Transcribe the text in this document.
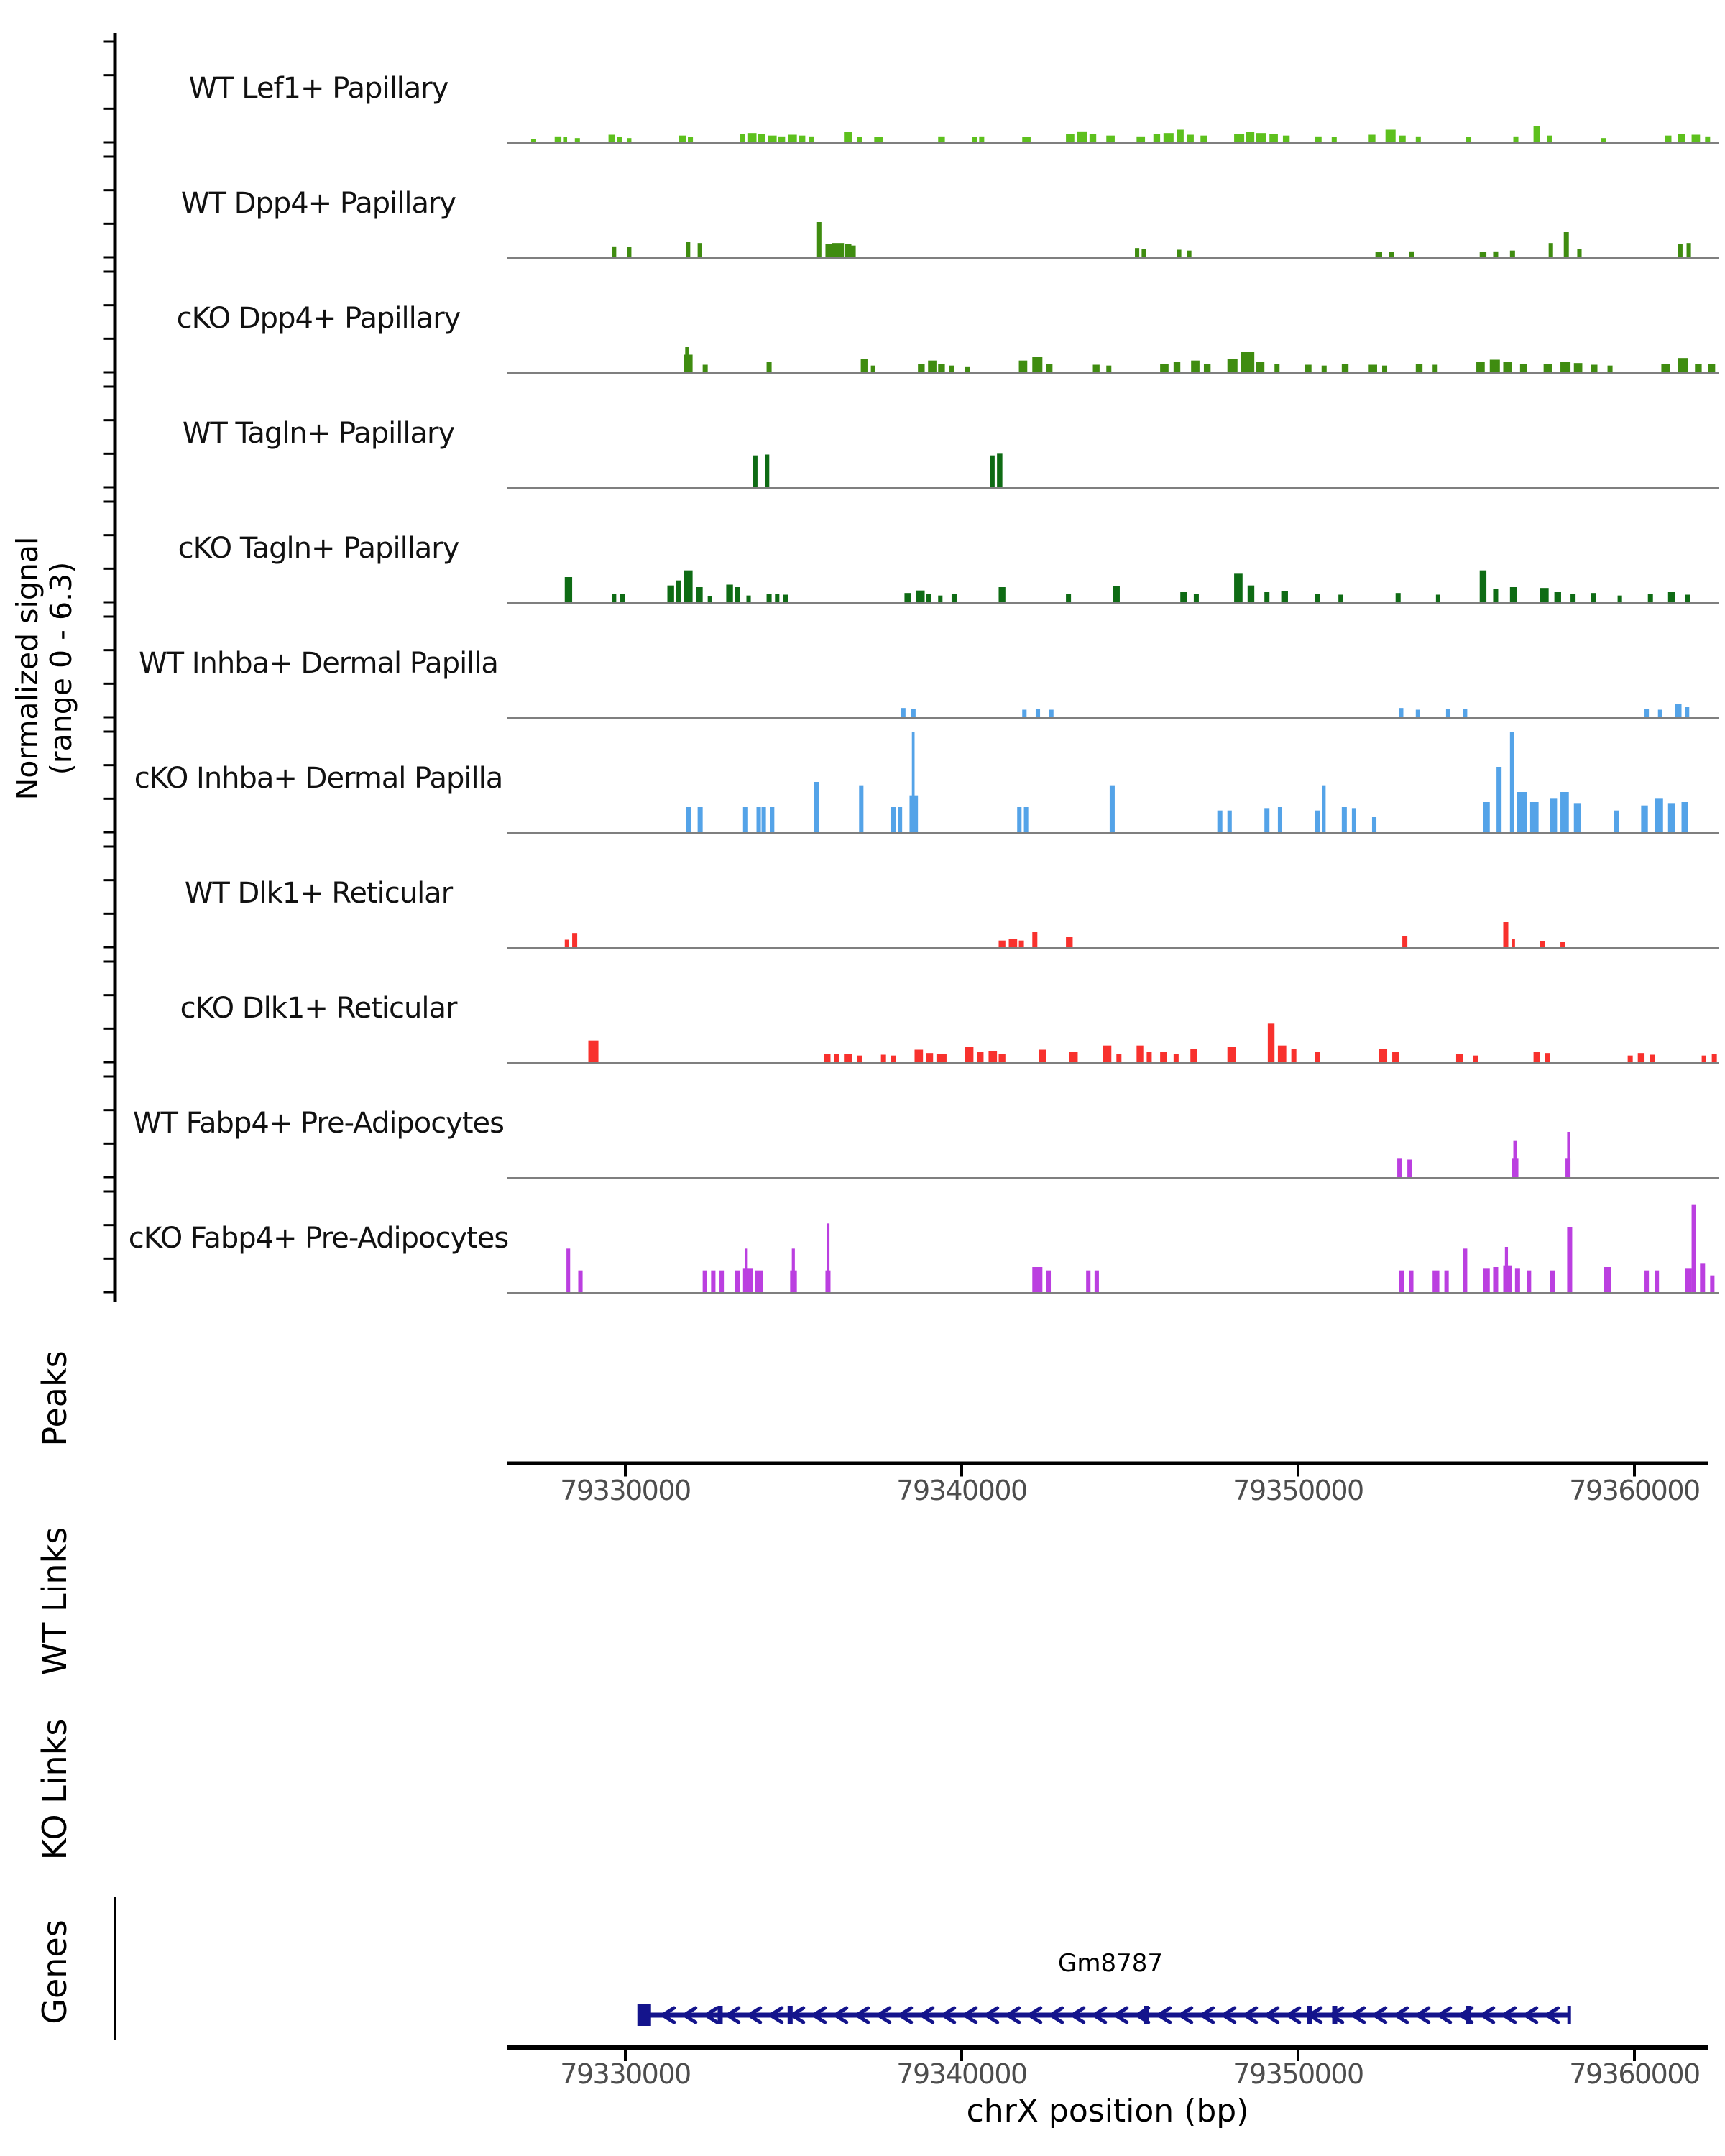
Normalized signal (range 0 - 6.3)
Peaks
WT Links
KO Links
Genes	Gm8787
chrX position (bp)
WT Lef1+ Papillary
WT Dpp4+ Papillary
cKO Dpp4+ Papillary
WT Tagln+ Papillary
cKO Tagln+ Papillary
WT Inhba+ Dermal Papilla
cKO Inhba+ Dermal Papilla
WT Dlk1+ Reticular
cKO Dlk1+ Reticular
WT Fabp4+ Pre-Adipocytes
cKO Fabp4+ Pre-Adipocytes
79330000	79340000	79350000	79360000
79330000	79340000	79350000	79360000
